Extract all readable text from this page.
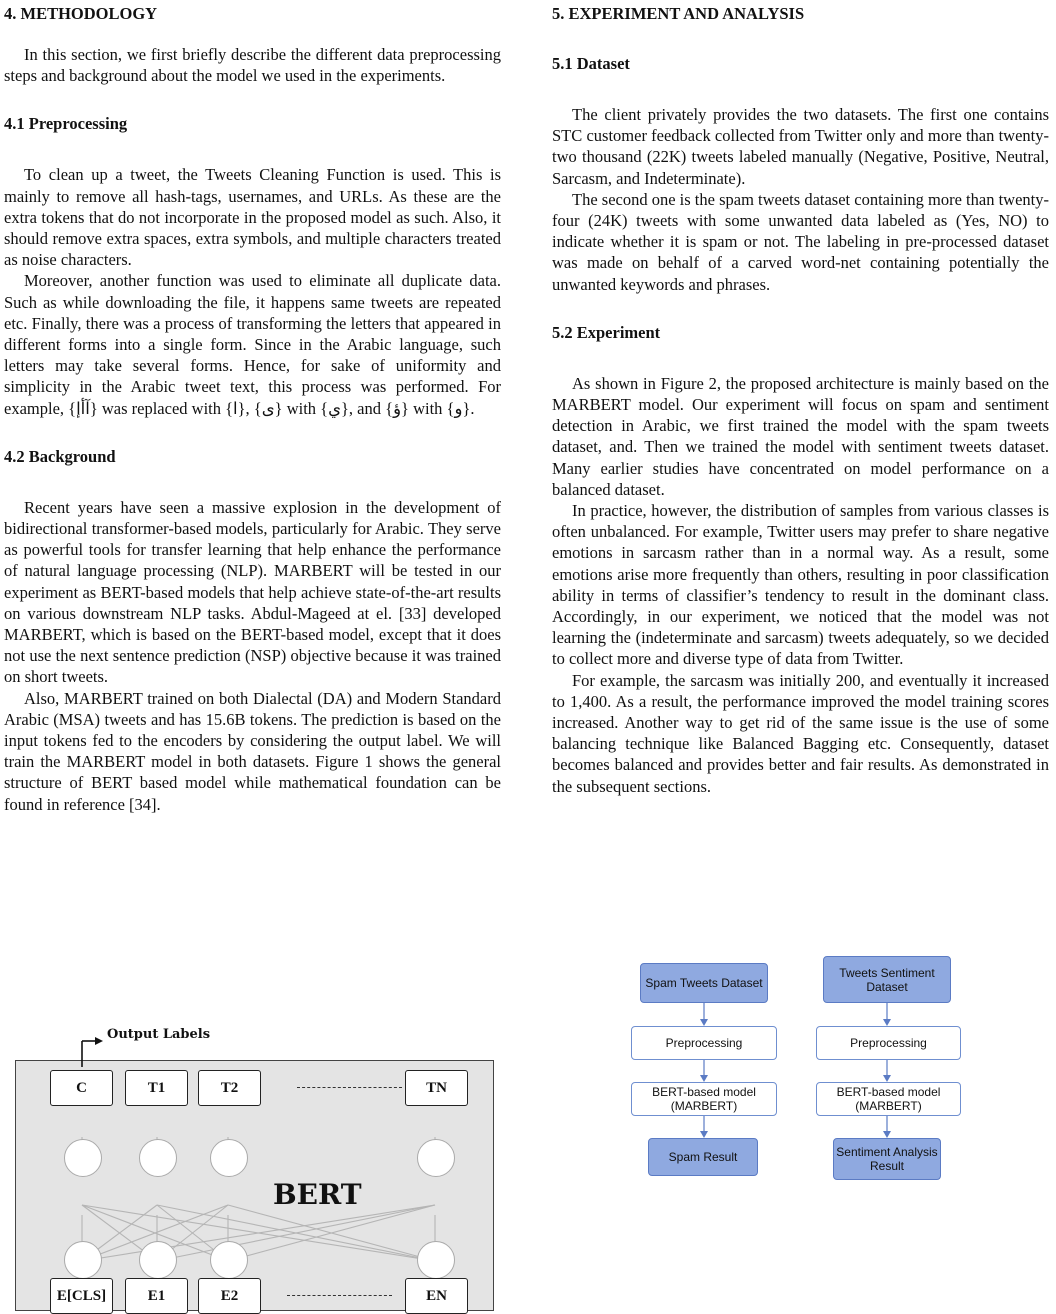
4. METHODOLOGY

In this section, we first briefly describe the different data preprocessing steps and background about the model we used in the experiments.

4.1 Preprocessing

To clean up a tweet, the Tweets Cleaning Function is used. This is mainly to remove all hash-tags, usernames, and URLs. As these are the extra tokens that do not incorporate in the proposed model as such. Also, it should remove extra spaces, extra symbols, and multiple characters treated as noise characters.

Moreover, another function was used to eliminate all duplicate data. Such as while downloading the file, it happens same tweets are repeated etc. Finally, there was a process of transforming the letters that appeared in different forms into a single form. Since in the Arabic language, such letters may take several forms. Hence, for sake of uniformity and simplicity in the Arabic tweet text, this process was performed. For example, {آأإ} was replaced with {ا}, {ى} with {ي}, and {ؤ} with {و}.

4.2 Background

Recent years have seen a massive explosion in the development of bidirectional transformer-based models, particularly for Arabic. They serve as powerful tools for transfer learning that help enhance the performance of natural language processing (NLP). MARBERT will be tested in our experiment as BERT-based models that help achieve state-of-the-art results on various downstream NLP tasks. Abdul-Mageed at el. [33] developed MARBERT, which is based on the BERT-based model, except that it does not use the next sentence prediction (NSP) objective because it was trained on short tweets.

Also, MARBERT trained on both Dialectal (DA) and Modern Standard Arabic (MSA) tweets and has 15.6B tokens. The prediction is based on the input tokens fed to the encoders by considering the output label. We will train the MARBERT model in both datasets. Figure 1 shows the general structure of BERT based model while mathematical foundation can be found in reference [34].

5. EXPERIMENT AND ANALYSIS
5.1 Dataset

The client privately provides the two datasets. The first one contains STC customer feedback collected from Twitter only and more than twenty-two thousand (22K) tweets labeled manually (Negative, Positive, Neutral, Sarcasm, and Indeterminate).

The second one is the spam tweets dataset containing more than twenty-four (24K) tweets with some unwanted data labeled as (Yes, NO) to indicate whether it is spam or not. The labeling in pre-processed dataset was made on behalf of a carved word-net containing potentially the unwanted keywords and phrases.

5.2 Experiment

As shown in Figure 2, the proposed architecture is mainly based on the MARBERT model. Our experiment will focus on spam and sentiment detection in Arabic, we first trained the model with the spam tweets dataset, and. Then we trained the model with sentiment tweets dataset. Many earlier studies have concentrated on model performance on a balanced dataset.

In practice, however, the distribution of samples from various classes is often unbalanced. For example, Twitter users may prefer to share negative emotions in sarcasm rather than in a normal way. As a result, some emotions arise more frequently than others, resulting in poor classification ability in terms of classifier’s tendency to result in the dominant class. Accordingly, in our experiment, we noticed that the model was not learning the (indeterminate and sarcasm) tweets adequately, so we decided to collect more and diverse type of data from Twitter.

For example, the sarcasm was initially 200, and eventually it increased to 1,400. As a result, the performance improved the model training scores increased. Another way to get rid of the same issue is the use of some balancing technique like Balanced Bagging etc. Consequently, dataset becomes balanced and provides better and fair results. As demonstrated in the subsequent sections.

Output Labels
C	T1	T2	TN
BERT
E[CLS]	E1	E2	EN
Spam Tweets Dataset
Preprocessing
BERT-based model (MARBERT)
Spam Result
Tweets Sentiment Dataset
Preprocessing
BERT-based model (MARBERT)
Sentiment Analysis Result
